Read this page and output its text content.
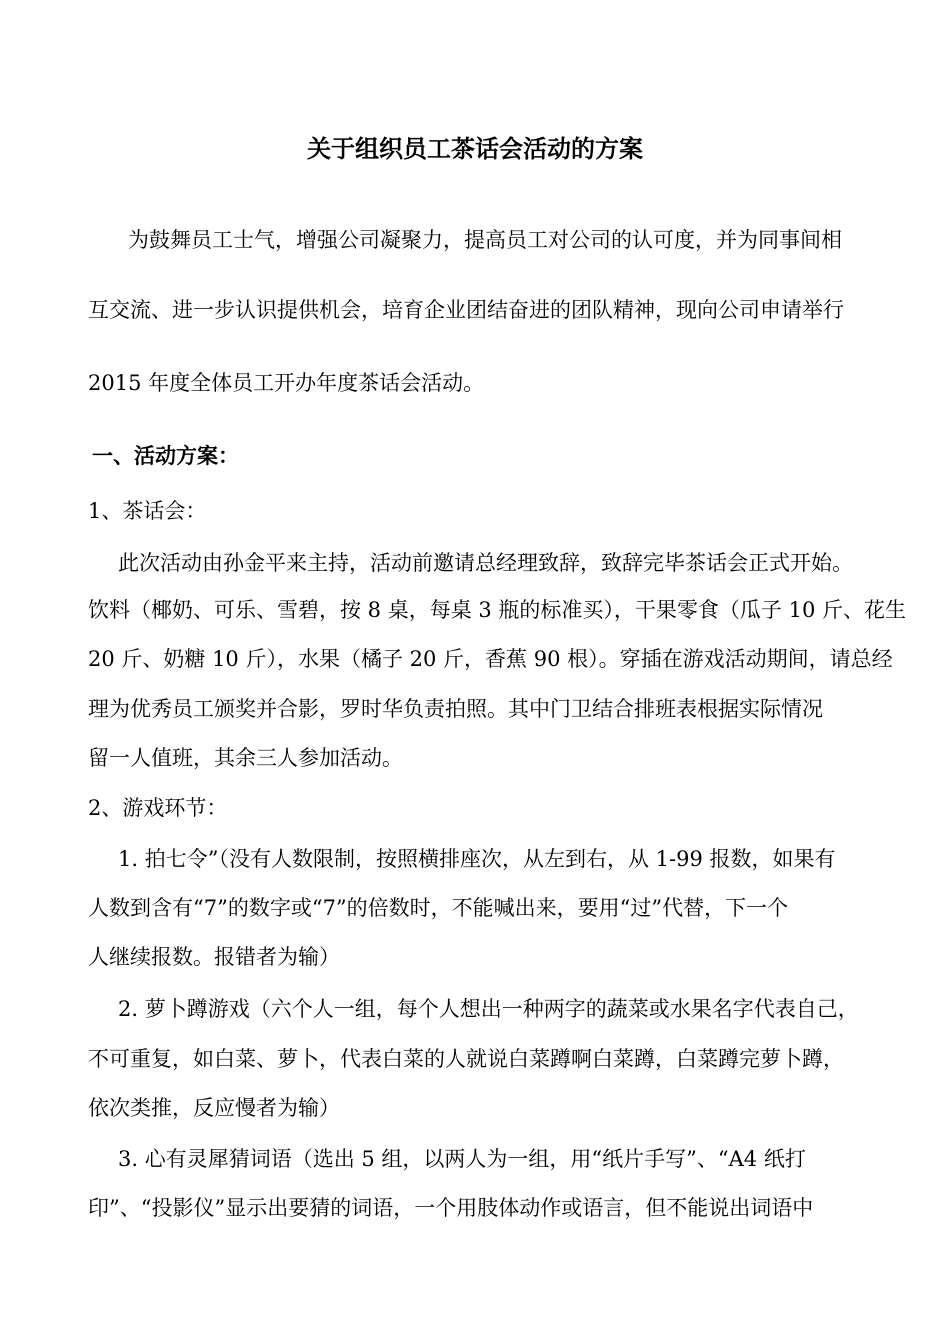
关于组织员工茶话会活动的方案
为鼓舞员工士气，增强公司凝聚力，提高员工对公司的认可度，并为同事间相
互交流、进一步认识提供机会，培育企业团结奋进的团队精神，现向公司申请举行
2015 年度全体员工开办年度茶话会活动。
一、活动方案：
1、茶话会：
此次活动由孙金平来主持，活动前邀请总经理致辞，致辞完毕茶话会正式开始。
饮料（椰奶、可乐、雪碧，按 8 桌，每桌 3 瓶的标准买），干果零食（瓜子 10 斤、花生
20 斤、奶糖 10 斤），水果（橘子 20 斤，香蕉 90 根）。穿插在游戏活动期间，请总经
理为优秀员工颁奖并合影，罗时华负责拍照。其中门卫结合排班表根据实际情况
留一人值班，其余三人参加活动。
2、游戏环节：
1. 拍七令”（没有人数限制，按照横排座次，从左到右，从 1-99 报数，如果有
人数到含有“7”的数字或“7”的倍数时，不能喊出来，要用“过”代替，下一个
人继续报数。报错者为输）
2. 萝卜蹲游戏（六个人一组，每个人想出一种两字的蔬菜或水果名字代表自己，
不可重复，如白菜、萝卜，代表白菜的人就说白菜蹲啊白菜蹲，白菜蹲完萝卜蹲，
依次类推，反应慢者为输）
3. 心有灵犀猜词语（选出 5 组，以两人为一组，用“纸片手写”、“A4 纸打
印”、“投影仪”显示出要猜的词语，一个用肢体动作或语言，但不能说出词语中
